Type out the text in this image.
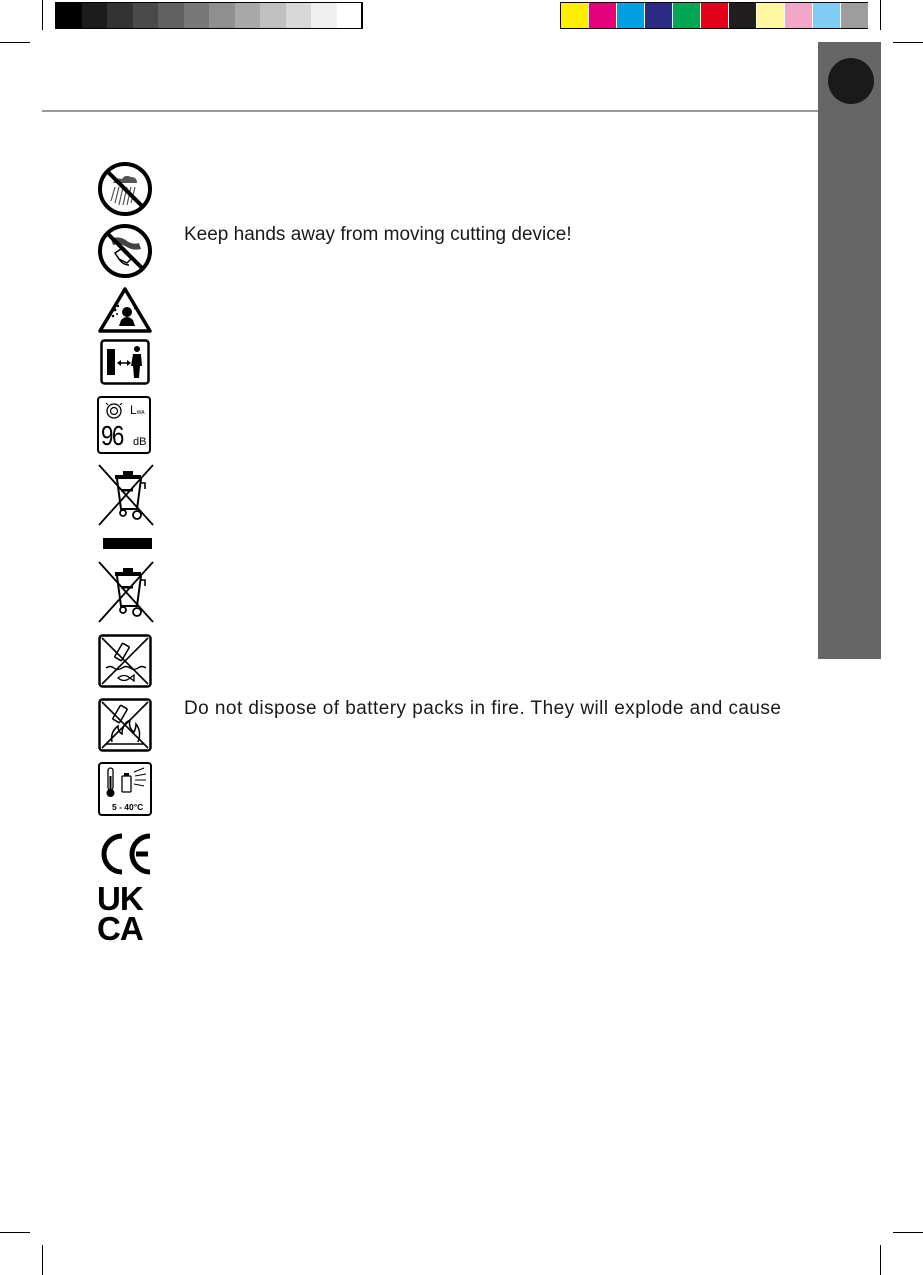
Keep hands away from moving cutting device!
Do not dispose of battery packs in fire. They will explode and cause
LWA
96 dB
5 - 40°C
UK
CA
